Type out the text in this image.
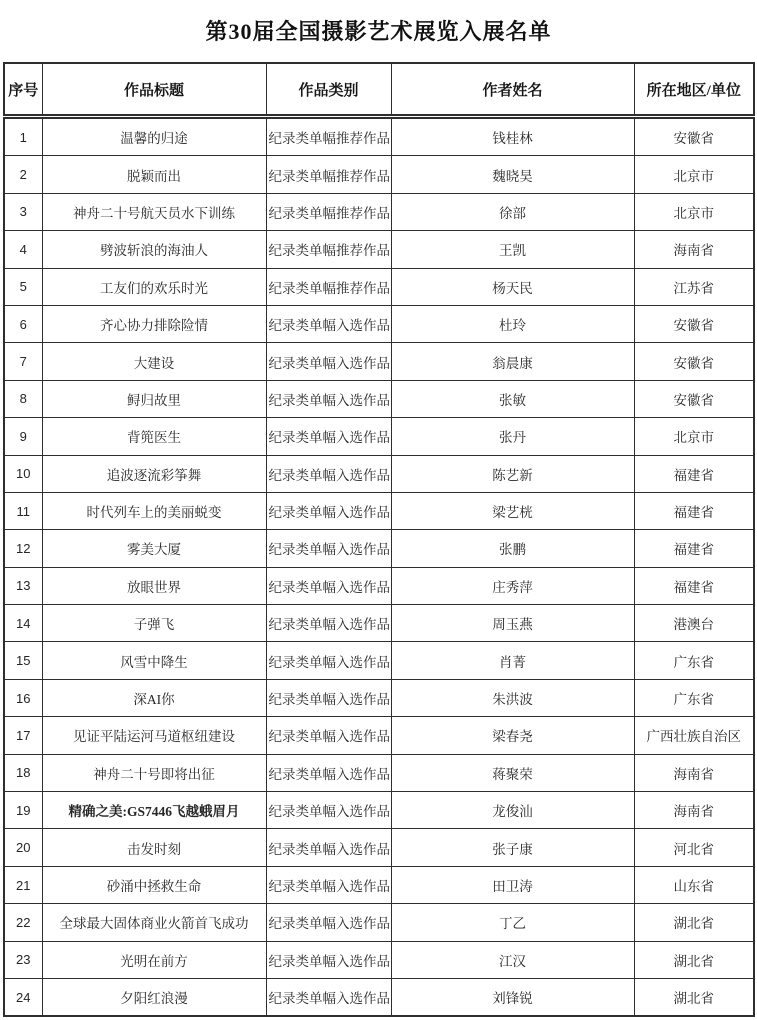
第30届全国摄影艺术展览入展名单
序号	作品标题	作品类别	作者姓名	所在地区/单位
1	温馨的归途	纪录类单幅推荐作品	钱桂林	安徽省
2	脱颖而出	纪录类单幅推荐作品	魏晓昊	北京市
3	神舟二十号航天员水下训练	纪录类单幅推荐作品	徐部	北京市
4	劈波斩浪的海油人	纪录类单幅推荐作品	王凯	海南省
5	工友们的欢乐时光	纪录类单幅推荐作品	杨天民	江苏省
6	齐心协力排除险情	纪录类单幅入选作品	杜玲	安徽省
7	大建设	纪录类单幅入选作品	翁晨康	安徽省
8	鲟归故里	纪录类单幅入选作品	张敏	安徽省
9	背篼医生	纪录类单幅入选作品	张丹	北京市
10	追波逐流彩筝舞	纪录类单幅入选作品	陈艺新	福建省
11	时代列车上的美丽蜕变	纪录类单幅入选作品	梁艺桄	福建省
12	雾美大厦	纪录类单幅入选作品	张鹏	福建省
13	放眼世界	纪录类单幅入选作品	庄秀萍	福建省
14	子弹飞	纪录类单幅入选作品	周玉燕	港澳台
15	风雪中降生	纪录类单幅入选作品	肖菁	广东省
16	深AI你	纪录类单幅入选作品	朱洪波	广东省
17	见证平陆运河马道枢纽建设	纪录类单幅入选作品	梁春尧	广西壮族自治区
18	神舟二十号即将出征	纪录类单幅入选作品	蒋聚荣	海南省
19	精确之美:GS7446飞越蛾眉月	纪录类单幅入选作品	龙俊汕	海南省
20	击发时刻	纪录类单幅入选作品	张子康	河北省
21	砂涌中拯救生命	纪录类单幅入选作品	田卫涛	山东省
22	全球最大固体商业火箭首飞成功	纪录类单幅入选作品	丁乙	湖北省
23	光明在前方	纪录类单幅入选作品	江汉	湖北省
24	夕阳红浪漫	纪录类单幅入选作品	刘锋锐	湖北省
